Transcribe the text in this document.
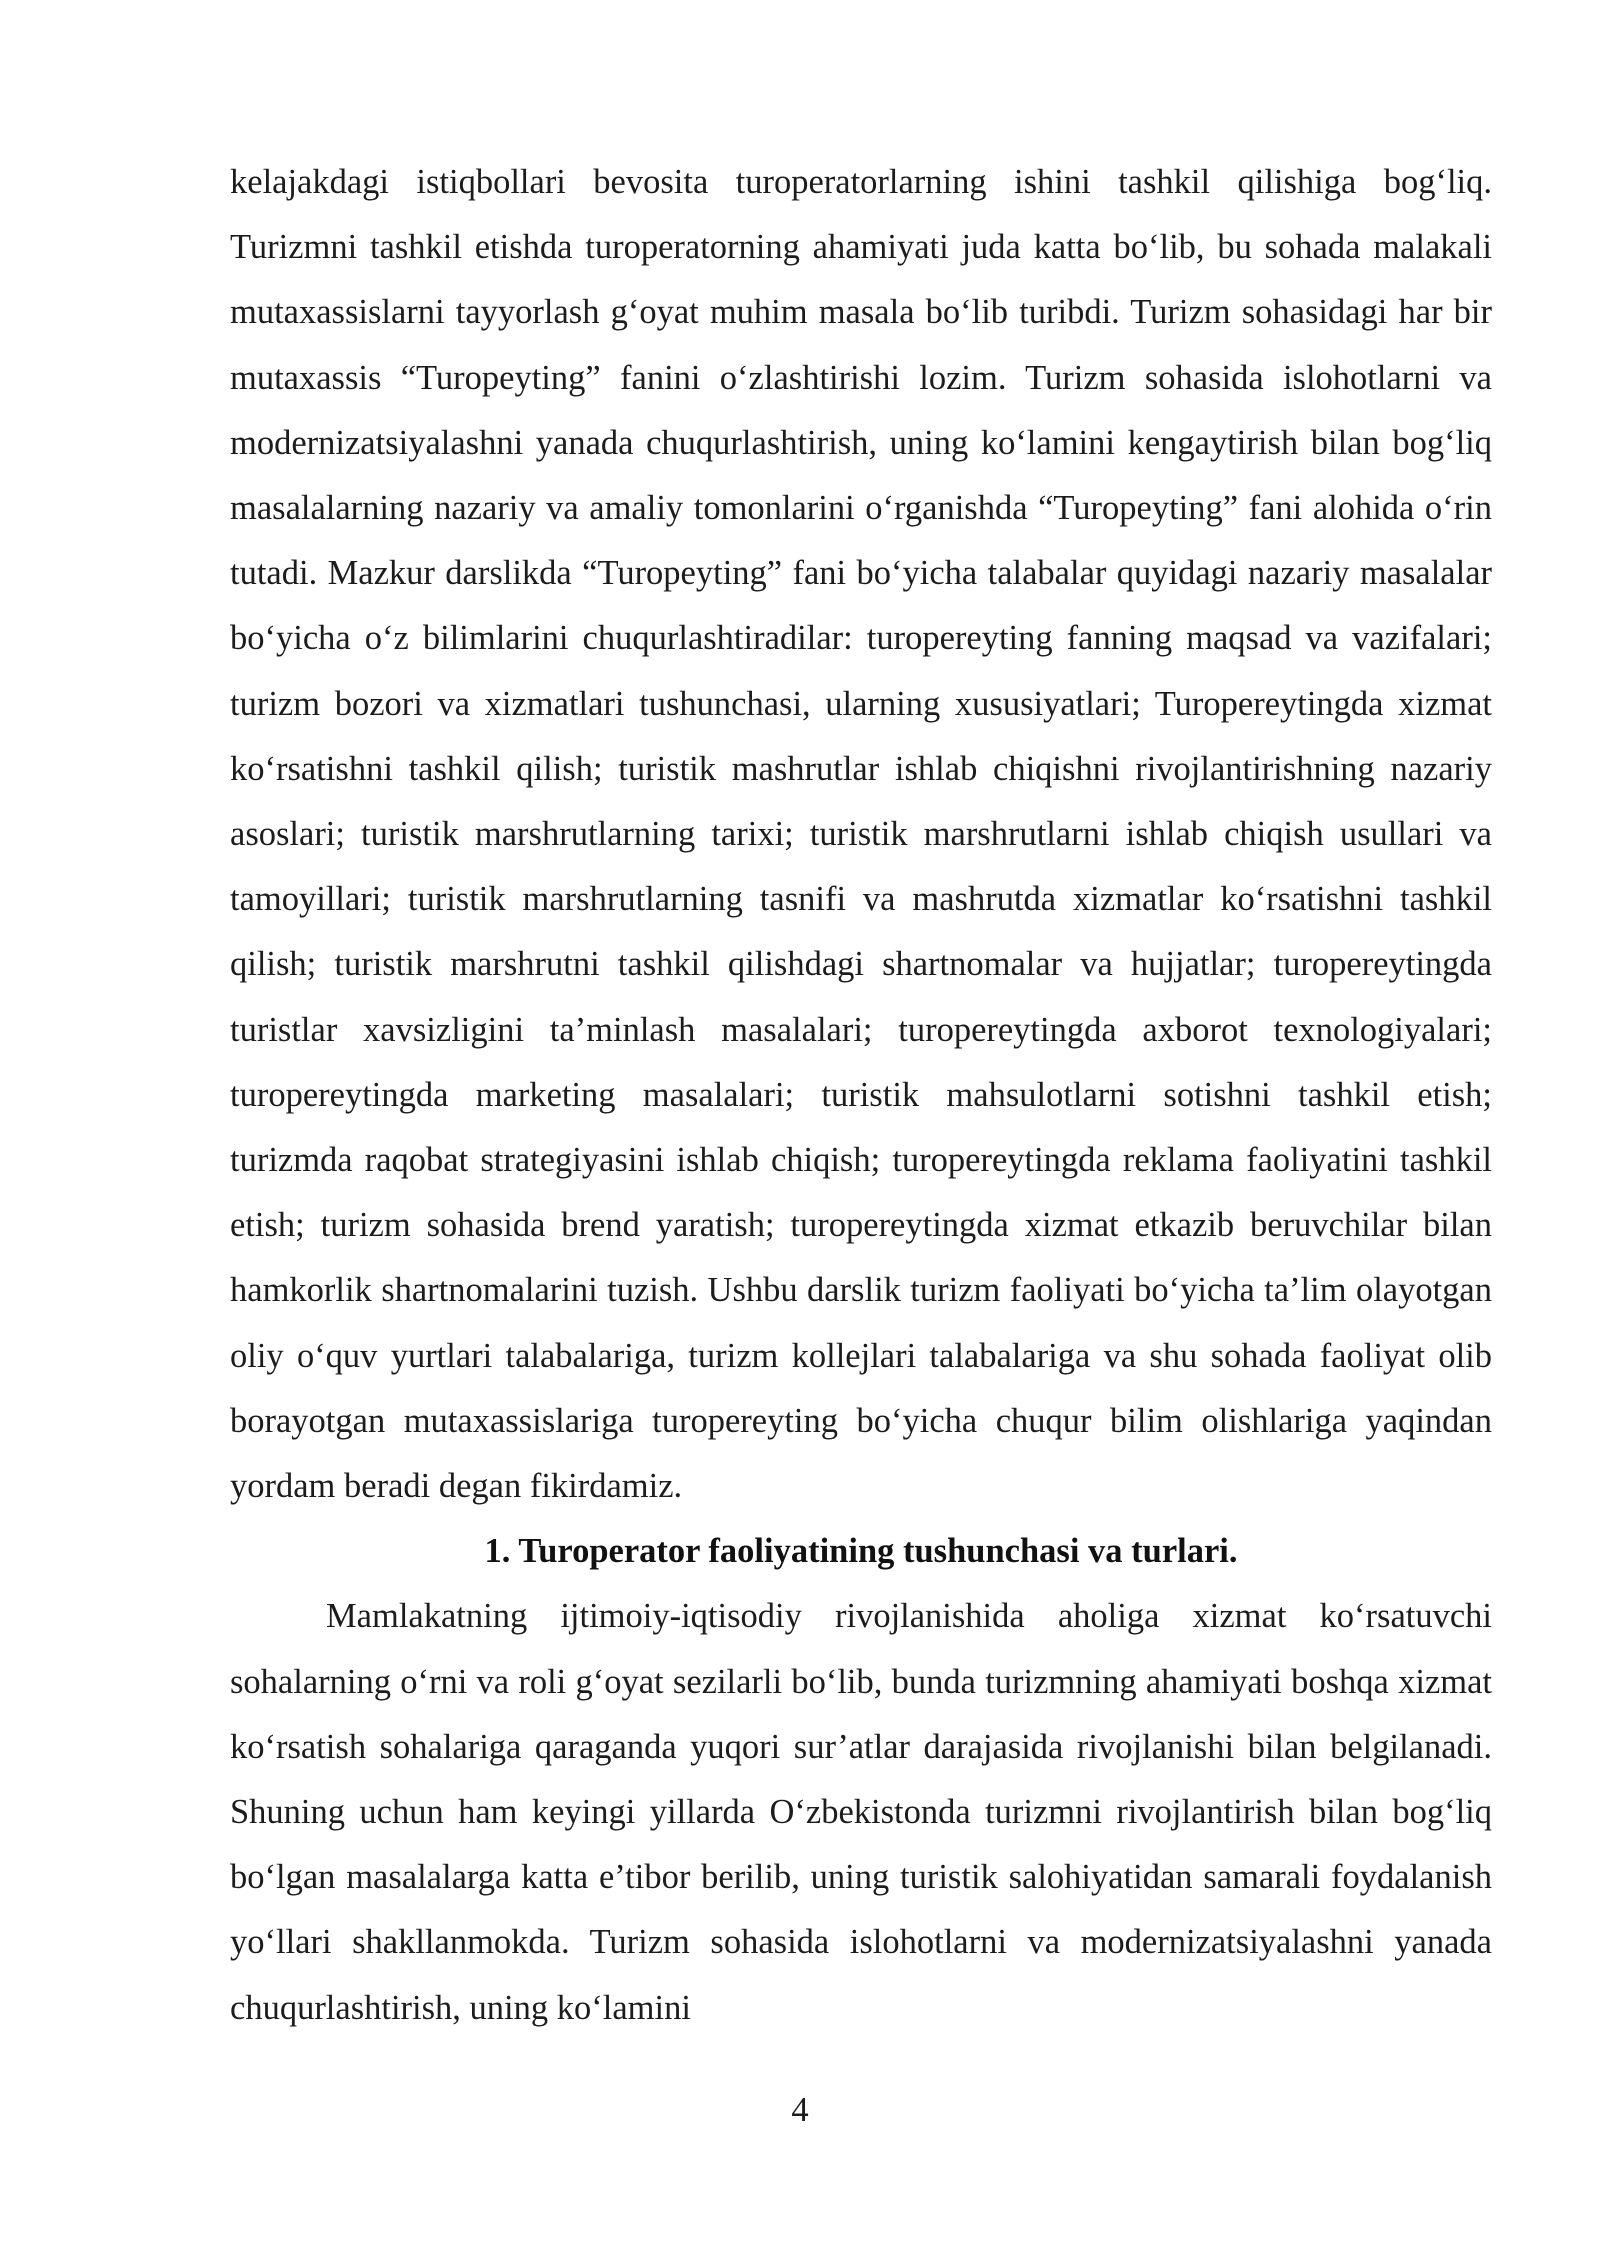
kelajakdagi istiqbollari bevosita turoperatorlarning ishini tashkil qilishiga bog‘liq. Turizmni tashkil etishda turoperatorning ahamiyati juda katta bo‘lib, bu sohada malakali mutaxassislarni tayyorlash g‘oyat muhim masala bo‘lib turibdi. Turizm sohasidagi har bir mutaxassis “Turopeyting” fanini o‘zlashtirishi lozim. Turizm sohasida islohotlarni va modernizatsiyalashni yanada chuqurlashtirish, uning ko‘lamini kengaytirish bilan bog‘liq masalalarning nazariy va amaliy tomonlarini o‘rganishda “Turopeyting” fani alohida o‘rin tutadi. Mazkur darslikda “Turopeyting” fani bo‘yicha talabalar quyidagi nazariy masalalar bo‘yicha o‘z bilimlarini chuqurlashtiradilar: turopereyting fanning maqsad va vazifalari; turizm bozori va xizmatlari tushunchasi, ularning xususiyatlari; Turopereytingda xizmat ko‘rsatishni tashkil qilish; turistik mashrutlar ishlab chiqishni rivojlantirishning nazariy asoslari; turistik marshrutlarning tarixi; turistik marshrutlarni ishlab chiqish usullari va tamoyillari; turistik marshrutlarning tasnifi va mashrutda xizmatlar ko‘rsatishni tashkil qilish; turistik marshrutni tashkil qilishdagi shartnomalar va hujjatlar; turopereytingda turistlar xavsizligini ta’minlash masalalari; turopereytingda axborot texnologiyalari; turopereytingda marketing masalalari; turistik mahsulotlarni sotishni tashkil etish; turizmda raqobat strategiyasini ishlab chiqish; turopereytingda reklama faoliyatini tashkil etish; turizm sohasida brend yaratish; turopereytingda xizmat etkazib beruvchilar bilan hamkorlik shartnomalarini tuzish. Ushbu darslik turizm faoliyati bo‘yicha ta’lim olayotgan oliy o‘quv yurtlari talabalariga, turizm kollejlari talabalariga va shu sohada faoliyat olib borayotgan mutaxassislariga turopereyting bo‘yicha chuqur bilim olishlariga yaqindan yordam beradi degan fikirdamiz.

1. Turoperator faoliyatining tushunchasi va turlari.

Mamlakatning ijtimoiy-iqtisodiy rivojlanishida aholiga xizmat ko‘rsatuvchi sohalarning o‘rni va roli g‘oyat sezilarli bo‘lib, bunda turizmning ahamiyati boshqa xizmat ko‘rsatish sohalariga qaraganda yuqori sur’atlar darajasida rivojlanishi bilan belgilanadi. Shuning uchun ham keyingi yillarda O‘zbekistonda turizmni rivojlantirish bilan bog‘liq bo‘lgan masalalarga katta e’tibor berilib, uning turistik salohiyatidan samarali foydalanish yo‘llari shakllanmokda. Turizm sohasida islohotlarni va modernizatsiyalashni yanada chuqurlashtirish, uning ko‘lamini

4
